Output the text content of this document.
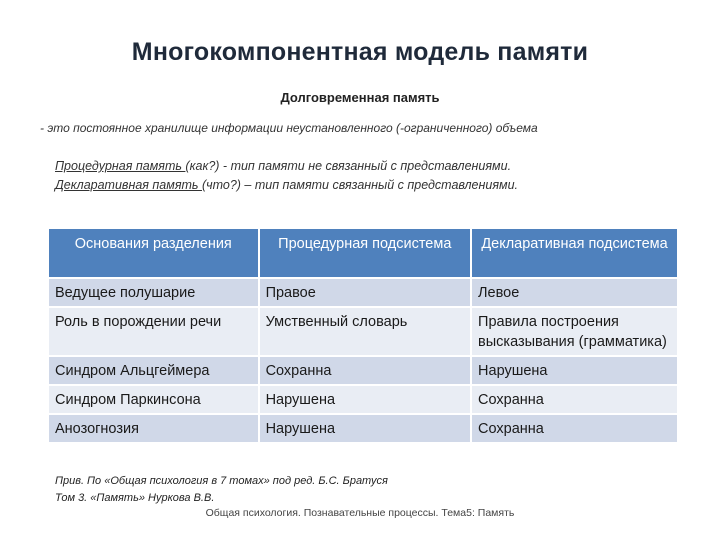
Многокомпонентная модель памяти
Долговременная память
- это постоянное хранилище информации неустановленного (-ограниченного) объема
Процедурная память (как?) - тип памяти не связанный с представлениями.
Декларативная память (что?) – тип памяти связанный с представлениями.
Основания разделения	Процедурная подсистема	Декларативная подсистема
Ведущее полушарие	Правое	Левое
Роль в порождении речи	Умственный словарь	Правила построения высказывания (грамматика)
Синдром Альцгеймера	Сохранна	Нарушена
Синдром Паркинсона	Нарушена	Сохранна
Анозогнозия	Нарушена	Сохранна
Прив. По «Общая психология в 7 томах» под ред. Б.С. Братуся
Том 3. «Память» Нуркова В.В.
Общая психология. Познавательные процессы. Тема5: Память
